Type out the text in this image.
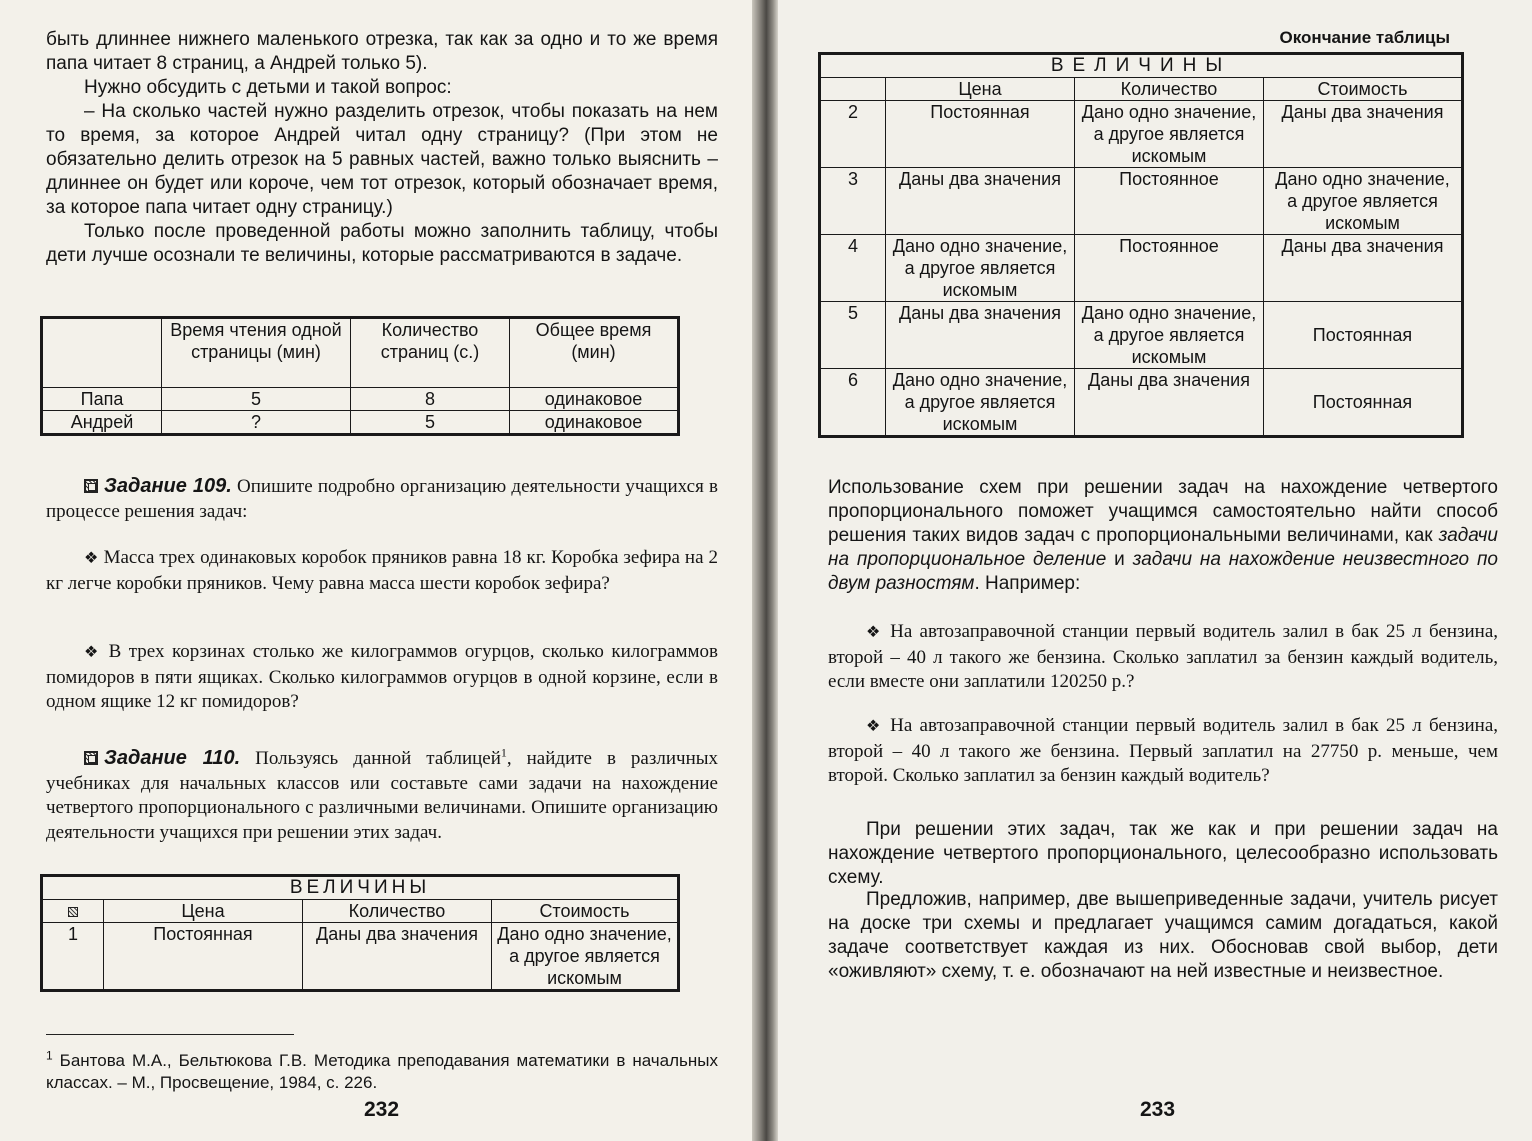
быть длиннее нижнего маленького отрезка, так как за одно и то же время папа читает 8 страниц, а Андрей только 5).

Нужно обсудить с детьми и такой вопрос:

– На сколько частей нужно разделить отрезок, чтобы показать на нем то время, за которое Андрей читал одну страницу? (При этом не обязательно делить отрезок на 5 равных частей, важно только выяснить – длиннее он будет или короче, чем тот отрезок, который обозначает время, за которое папа читает одну страницу.)

Только после проведенной работы можно заполнить таблицу, чтобы дети лучше осознали те величины, которые рассматриваются в задаче.

	Время чтения одной страницы (мин)	Количество страниц (с.)	Общее время (мин)
Папа	5	8	одинаковое
Андрей	?	5	одинаковое

Задание 109. Опишите подробно организацию деятельности учащихся в процессе решения задач:

❖ Масса трех одинаковых коробок пряников равна 18 кг. Коробка зефира на 2 кг легче коробки пряников. Чему равна масса шести коробок зефира?

❖ В трех корзинах столько же килограммов огурцов, сколько килограммов помидоров в пяти ящиках. Сколько килограммов огурцов в одной корзине, если в одном ящике 12 кг помидоров?

Задание 110. Пользуясь данной таблицей$^1$, найдите в различных учебниках для начальных классов или составьте сами задачи на нахождение четвертого пропорционального с различными величинами. Опишите организацию деятельности учащихся при решении этих задач.

ВЕЛИЧИНЫ			
	Цена	Количество	Стоимость
1	Постоянная	Даны два значения	Дано одно значение, а другое является искомым

$^1$ Бантова М.А., Бельтюкова Г.В. Методика преподавания математики в начальных классах. – М., Просвещение, 1984, с. 226.

232
Окончание таблицы
ВЕЛИЧИНЫ			
	Цена	Количество	Стоимость
2	Постоянная	Дано одно значение, а другое является искомым	Даны два значения
3	Даны два значения	Постоянное	Дано одно значение, а другое является искомым
4	Дано одно значение, а другое является искомым	Постоянное	Даны два значения
5	Даны два значения	Дано одно значение, а другое является искомым	Постоянная
6	Дано одно значение, а другое является искомым	Даны два значения	Постоянная

Использование схем при решении задач на нахождение четвертого пропорционального поможет учащимся самостоятельно найти способ решения таких видов задач с пропорциональными величинами, как задачи на пропорциональное деление и задачи на нахождение неизвестного по двум разностям. Например:

❖ На автозаправочной станции первый водитель залил в бак 25 л бензина, второй – 40 л такого же бензина. Сколько заплатил за бензин каждый водитель, если вместе они заплатили 120250 р.?

❖ На автозаправочной станции первый водитель залил в бак 25 л бензина, второй – 40 л такого же бензина. Первый заплатил на 27750 р. меньше, чем второй. Сколько заплатил за бензин каждый водитель?

При решении этих задач, так же как и при решении задач на нахождение четвертого пропорционального, целесообразно использовать схему.

Предложив, например, две вышеприведенные задачи, учитель рисует на доске три схемы и предлагает учащимся самим догадаться, какой задаче соответствует каждая из них. Обосновав свой выбор, дети «оживляют» схему, т. е. обозначают на ней известные и неизвестное.

233
